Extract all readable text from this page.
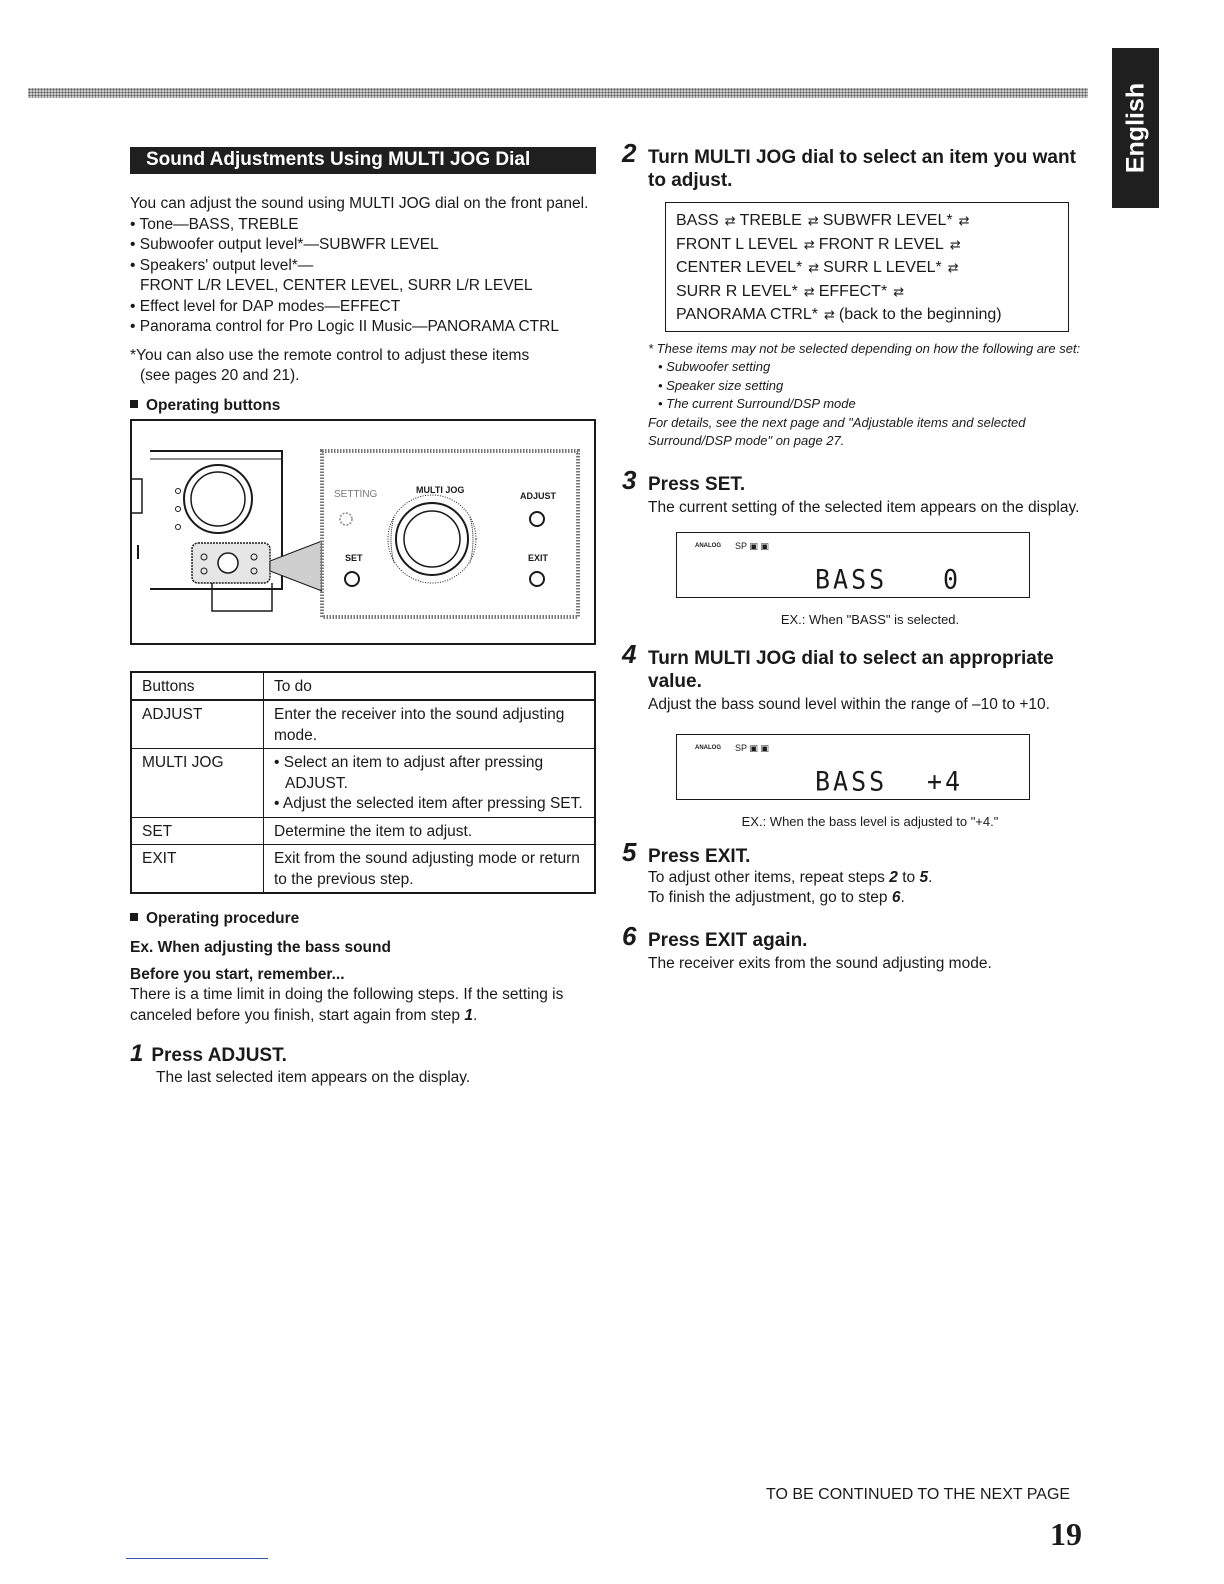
English
Sound Adjustments Using MULTI JOG Dial

You can adjust the sound using MULTI JOG dial on the front panel.

• Tone—BASS, TREBLE

• Subwoofer output level*—SUBWFR LEVEL

• Speakers' output level*—

FRONT L/R LEVEL, CENTER LEVEL, SURR L/R LEVEL

• Effect level for DAP modes—EFFECT

• Panorama control for Pro Logic II Music—PANORAMA CTRL

*You can also use the remote control to adjust these items

(see pages 20 and 21).

Operating buttons
SETTING	MULTI JOG
ADJUST
SET	EXIT
Buttons	To do
ADJUST	Enter the receiver into the sound adjusting mode.
MULTI JOG	• Select an item to adjust after pressing ADJUST.
• Adjust the selected item after pressing SET.

SET	Determine the item to adjust.
EXIT	Exit from the sound adjusting mode or return to the previous step.
Operating procedure

Ex. When adjusting the bass sound

Before you start, remember...

There is a time limit in doing the following steps. If the setting is canceled before you finish, start again from step 1.

1 Press ADJUST.

The last selected item appears on the display.

2 Turn MULTI JOG dial to select an item you want to adjust.
BASS ⇄ TREBLE ⇄ SUBWFR LEVEL* ⇄
FRONT L LEVEL ⇄ FRONT R LEVEL ⇄
CENTER LEVEL* ⇄ SURR L LEVEL* ⇄
SURR R LEVEL* ⇄ EFFECT* ⇄
PANORAMA CTRL* ⇄ (back to the beginning)
* These items may not be selected depending on how the following are set:
• Subwoofer setting
• Speaker size setting
• The current Surround/DSP mode
For details, see the next page and "Adjustable items and selected Surround/DSP mode" on page 27.
3 Press SET.

The current setting of the selected item appears on the display.

ANALOG SP ▣ ▣
BASS 0
EX.: When "BASS" is selected.
4 Turn MULTI JOG dial to select an appropriate value.

Adjust the bass sound level within the range of –10 to +10.

ANALOG SP ▣ ▣
BASS +4
EX.: When the bass level is adjusted to "+4."
5 Press EXIT.

To adjust other items, repeat steps 2 to 5.

To finish the adjustment, go to step 6.

6 Press EXIT again.

The receiver exits from the sound adjusting mode.

TO BE CONTINUED TO THE NEXT PAGE
19
